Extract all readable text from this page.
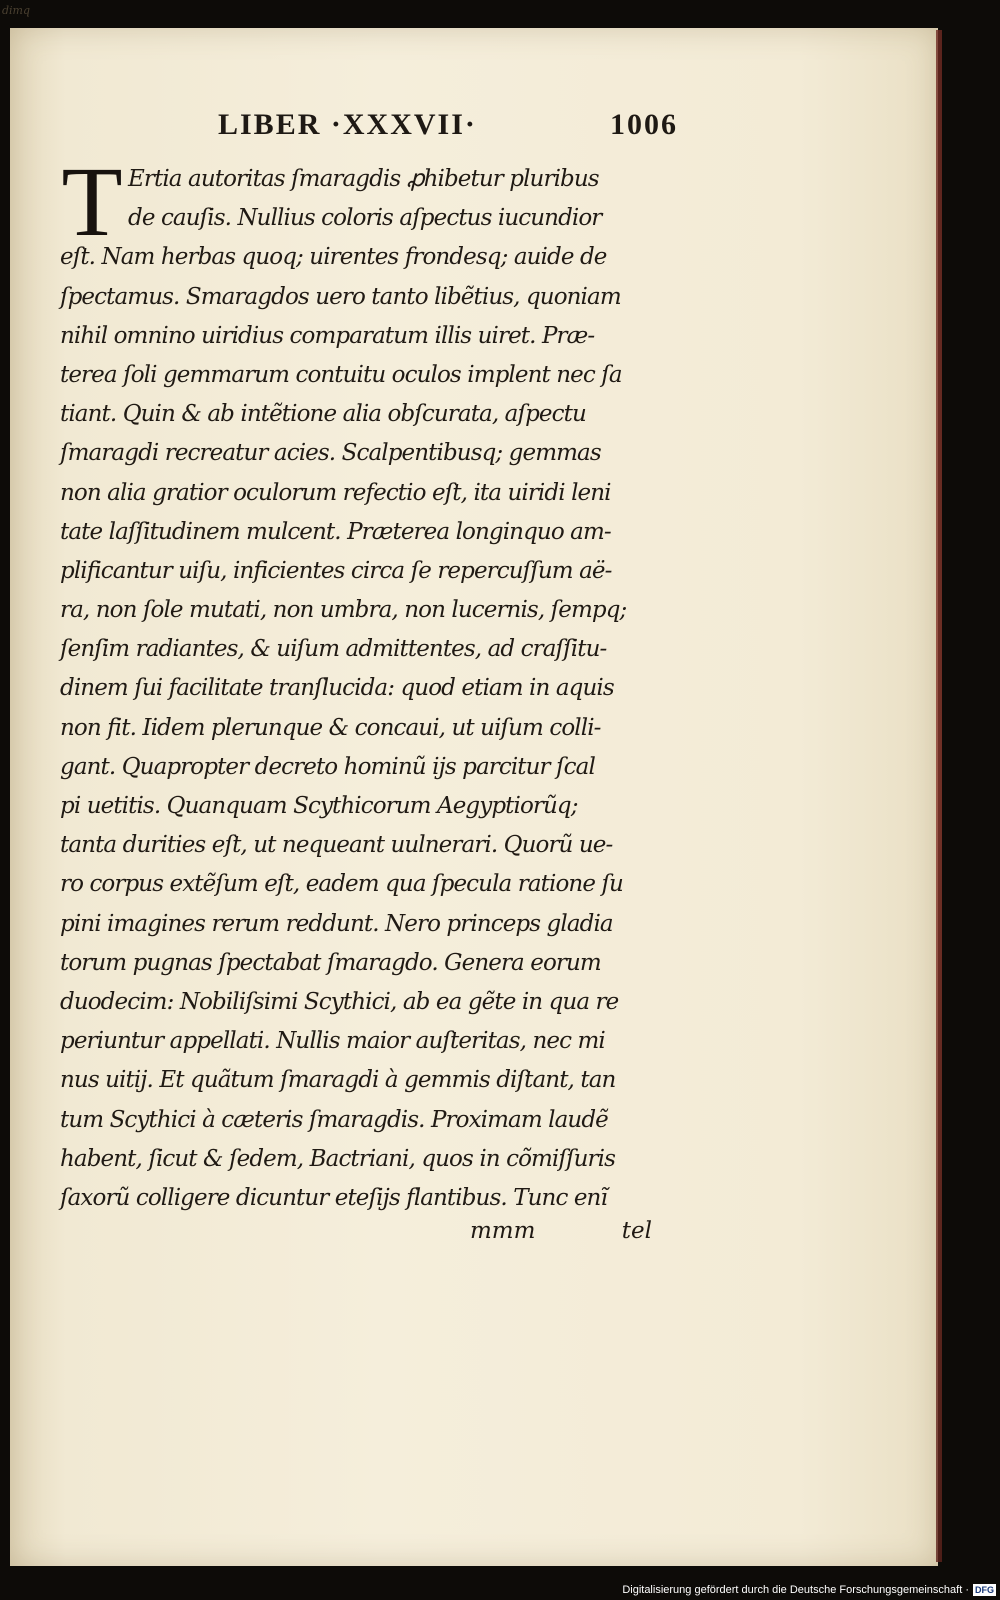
dimq
LIBER ·XXXVII·	1006
T Ertia autoritas ſmaragdis ꝓhibetur pluribus
de cauſis. Nullius coloris aſpectus iucundior
eſt. Nam herbas quoq; uirentes frondesq; auide de
ſpectamus. Smaragdos uero tanto libẽtius, quoniam
nihil omnino uiridius comparatum illis uiret. Præ-
terea ſoli gemmarum contuitu oculos implent nec ſa
tiant. Quin & ab intẽtione alia obſcurata, aſpectu
ſmaragdi recreatur acies. Scalpentibusq; gemmas
non alia gratior oculorum refectio eſt, ita uiridi leni
tate laſſitudinem mulcent. Præterea longinquo am-
plificantur uiſu, inficientes circa ſe repercuſſum aë-
ra, non ſole mutati, non umbra, non lucernis, ſempq;
ſenſim radiantes, & uiſum admittentes, ad craſſitu-
dinem ſui facilitate tranſlucida: quod etiam in aquis
non fit. Iidem plerunque & concaui, ut uiſum colli-
gant. Quapropter decreto hominũ ijs parcitur ſcal
pi uetitis. Quanquam Scythicorum Aegyptiorũq;
tanta durities eſt, ut nequeant uulnerari. Quorũ ue-
ro corpus extẽſum eſt, eadem qua ſpecula ratione ſu
pini imagines rerum reddunt. Nero princeps gladia
torum pugnas ſpectabat ſmaragdo. Genera eorum
duodecim: Nobiliſsimi Scythici, ab ea gẽte in qua re
periuntur appellati. Nullis maior auſteritas, nec mi
nus uitij. Et quãtum ſmaragdi à gemmis diſtant, tan
tum Scythici à cæteris ſmaragdis. Proximam laudẽ
habent, ſicut & ſedem, Bactriani, quos in cõmiſſuris
ſaxorũ colligere dicuntur eteſijs flantibus. Tunc enĩ
mmm	tel
Digitalisierung gefördert durch die Deutsche Forschungsgemeinschaft · DFG
